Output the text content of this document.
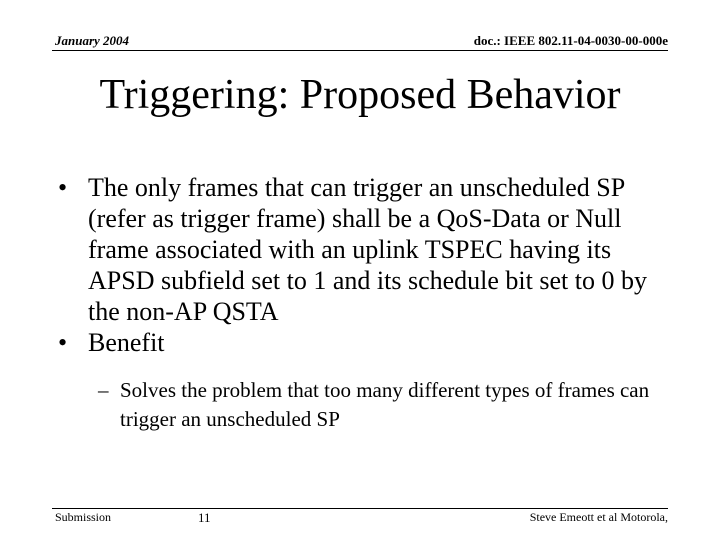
January 2004	doc.: IEEE 802.11-04-0030-00-000e
Triggering: Proposed Behavior
• The only frames that can trigger an unscheduled SP (refer as trigger frame) shall be a QoS-Data or Null frame associated with an uplink TSPEC having its APSD subfield set to 1 and its schedule bit set to 0 by the non-AP QSTA
• Benefit
– Solves the problem that too many different types of frames can trigger an unscheduled SP
Submission	11	Steve Emeott et al Motorola,
